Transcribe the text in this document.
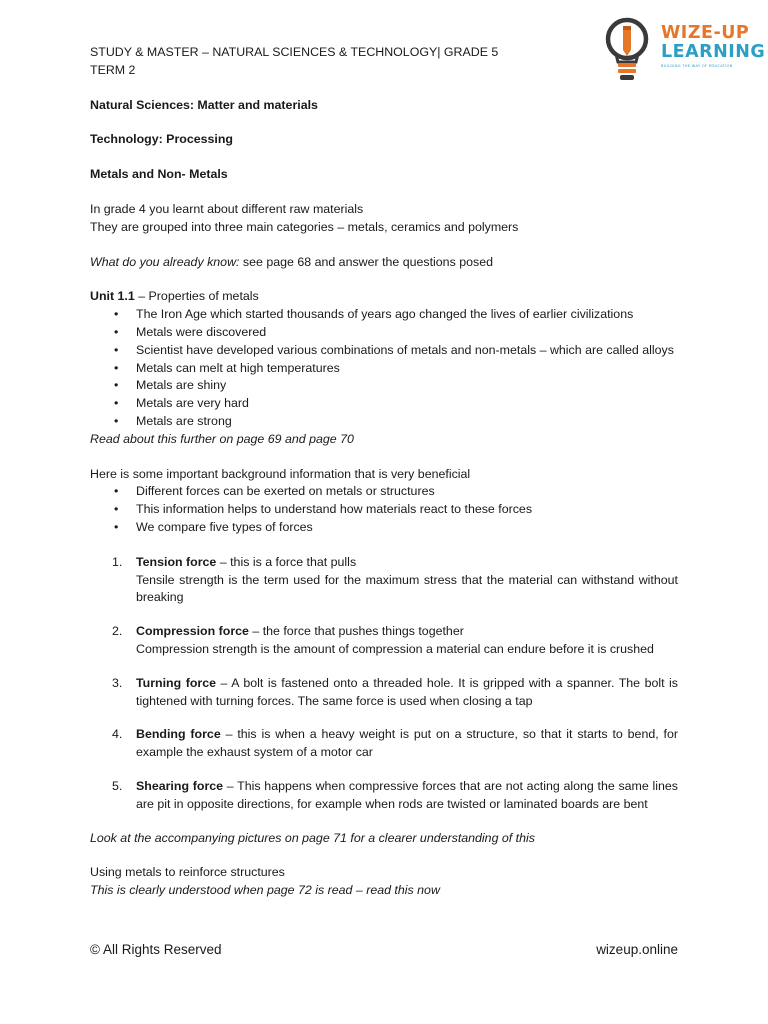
WIZE-UP
LEARNING
BUILDING THE WAY OF EDUCATION
STUDY & MASTER – NATURAL SCIENCES & TECHNOLOGY| GRADE 5
TERM 2
Natural Sciences: Matter and materials
Technology: Processing
Metals and Non- Metals
In grade 4 you learnt about different raw materials
They are grouped into three main categories – metals, ceramics and polymers
What do you already know: see page 68 and answer the questions posed
Unit 1.1 – Properties of metals
• The Iron Age which started thousands of years ago changed the lives of earlier civilizations
• Metals were discovered
• Scientist have developed various combinations of metals and non-metals – which are called alloys
• Metals can melt at high temperatures
• Metals are shiny
• Metals are very hard
• Metals are strong
Read about this further on page 69 and page 70
Here is some important background information that is very beneficial
• Different forces can be exerted on metals or structures
• This information helps to understand how materials react to these forces
• We compare five types of forces
1. Tension force – this is a force that pulls
Tensile strength is the term used for the maximum stress that the material can withstand without breaking
2. Compression force – the force that pushes things together
Compression strength is the amount of compression a material can endure before it is crushed
3. Turning force – A bolt is fastened onto a threaded hole. It is gripped with a spanner. The bolt is tightened with turning forces. The same force is used when closing a tap
4. Bending force – this is when a heavy weight is put on a structure, so that it starts to bend, for example the exhaust system of a motor car
5. Shearing force – This happens when compressive forces that are not acting along the same lines are pit in opposite directions, for example when rods are twisted or laminated boards are bent
Look at the accompanying pictures on page 71 for a clearer understanding of this
Using metals to reinforce structures
This is clearly understood when page 72 is read – read this now
© All Rights Reserved	wizeup.online
